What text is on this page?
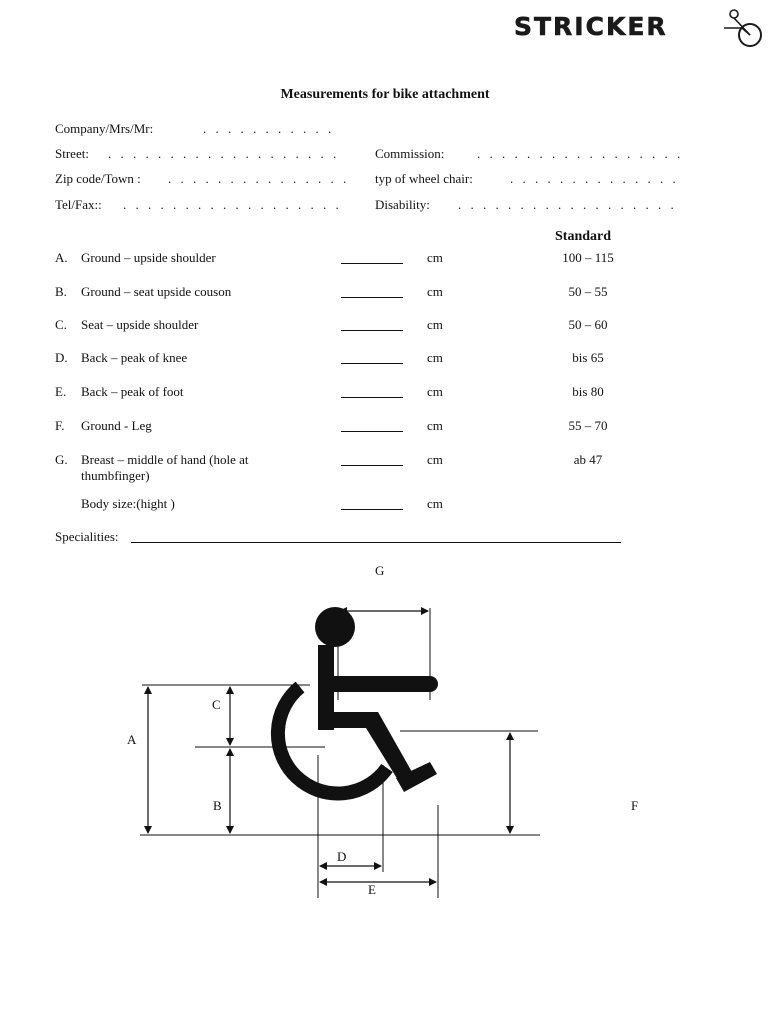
STRICKER
Measurements for bike attachment
Company/Mrs/Mr:	. . . . . . . . . . .
Street: . . . . . . . . . . . . . . . . . . .
Zip code/Town : . . . . . . . . . . . . . . .
Tel/Fax:: . . . . . . . . . . . . . . . . . .
Commission:	. . . . . . . . . . . . . . . . .
typ of wheel chair:	. . . . . . . . . . . . . .
Disability: . . . . . . . . . . . . . . . . . .
Standard
A. Ground – upside shoulder	cm	100 – 115
B. Ground – seat upside couson	cm	50 – 55
C. Seat – upside shoulder	cm	50 – 60
D. Back – peak of knee	cm	bis 65
E. Back – peak of foot	cm	bis 80
F. Ground - Leg	cm	55 – 70
G. Breast – middle of hand (hole at
thumbfinger)
cm	ab 47
Body size:(hight )	cm
Specialities:
G
A
C
B	F
D
E
